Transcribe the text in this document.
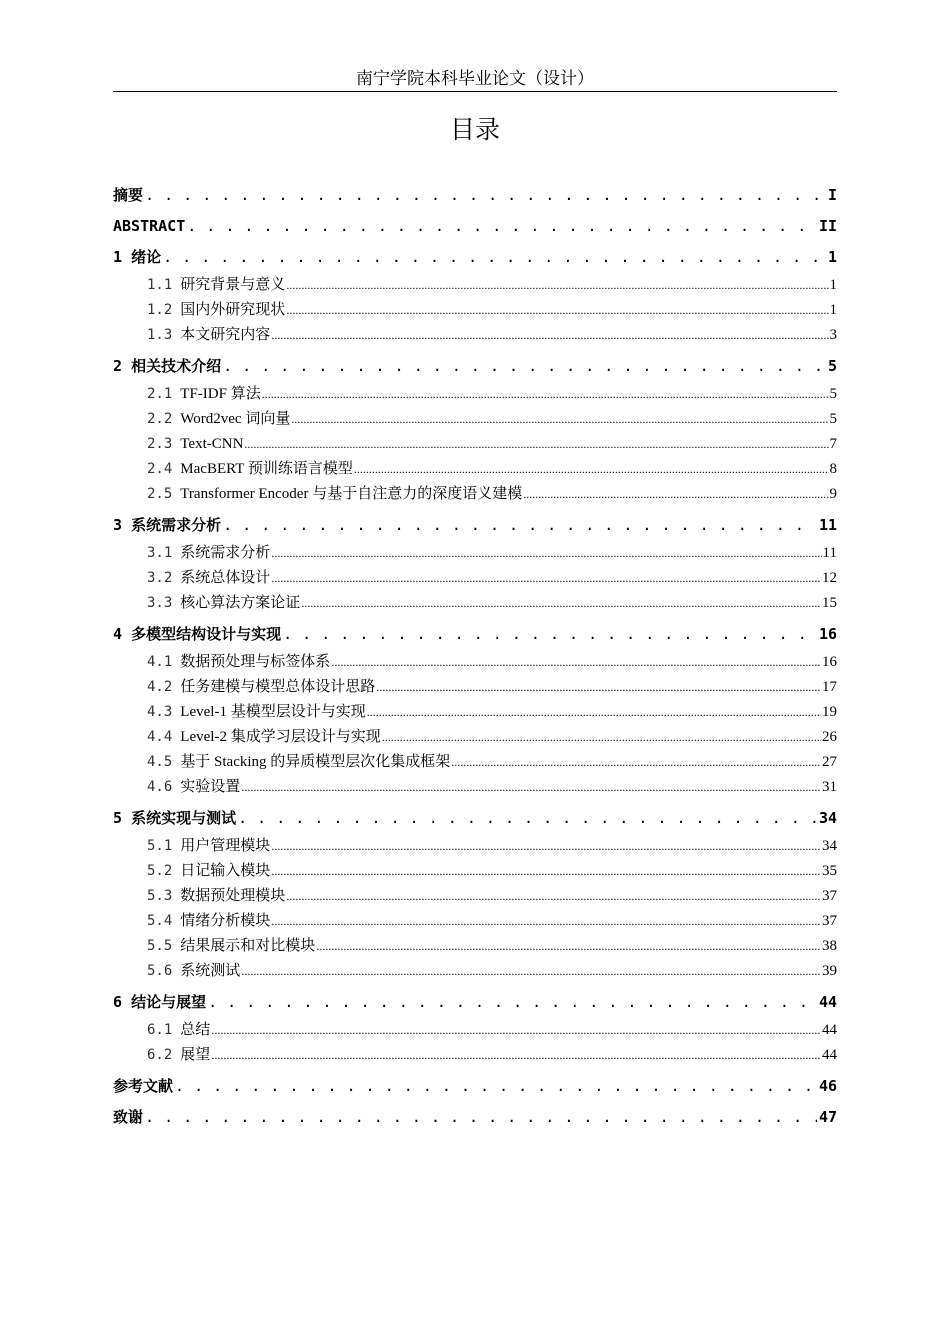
南宁学院本科毕业论文（设计）
目录
摘要 . . .	I
ABSTRACT . . .	II
1 绪论 . . .	1
1.1 研究背景与意义 .....	1
1.2 国内外研究现状 .....	1
1.3 本文研究内容 .....	3
2 相关技术介绍 . . .	5
2.1 TF-IDF 算法 .....	5
2.2 Word2vec 词向量 .....	5
2.3 Text-CNN .....	7
2.4 MacBERT 预训练语言模型 .....	8
2.5 Transformer Encoder 与基于自注意力的深度语义建模 .....	9
3 系统需求分析 . . .	11
3.1 系统需求分析 .....	11
3.2 系统总体设计 .....	12
3.3 核心算法方案论证 .....	15
4 多模型结构设计与实现 . . .	16
4.1 数据预处理与标签体系 .....	16
4.2 任务建模与模型总体设计思路 .....	17
4.3 Level-1 基模型层设计与实现 .....	19
4.4 Level-2 集成学习层设计与实现 .....	26
4.5 基于 Stacking 的异质模型层次化集成框架 .....	27
4.6 实验设置 .....	31
5 系统实现与测试 . . .	34
5.1 用户管理模块 .....	34
5.2 日记输入模块 .....	35
5.3 数据预处理模块 .....	37
5.4 情绪分析模块 .....	37
5.5 结果展示和对比模块 .....	38
5.6 系统测试 .....	39
6 结论与展望 . . .	44
6.1 总结 .....	44
6.2 展望 .....	44
参考文献 . . .	46
致谢 . . .	47
